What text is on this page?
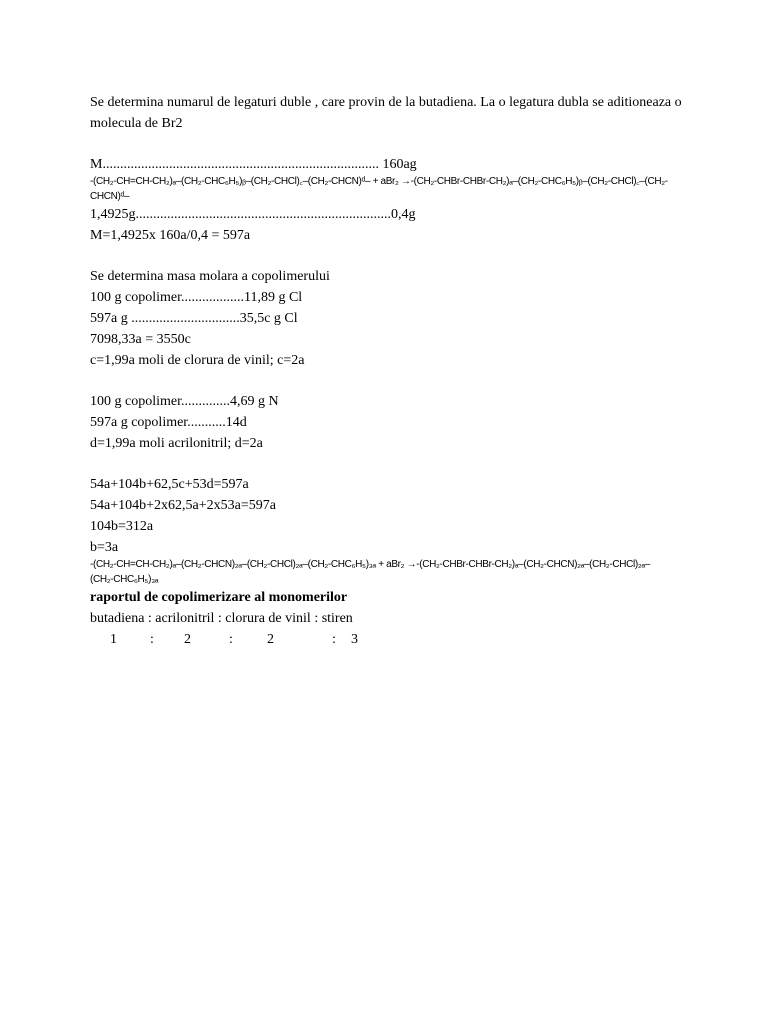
Se determina numarul de legaturi duble , care provin de la butadiena. La o legatura dubla se aditioneaza o molecula de Br2
M............................................................................... 160ag
-(CH₂-CH=CH-CH₂)ₐ–(CH₂-CHC₆H₅)ᵦ–(CH₂-CHCl)꜀–(CH₂-CHCN)ᵈ– + aBr₂ →-(CH₂-CHBr-CHBr-CH₂)ₐ–(CH₂-CHC₆H₅)ᵦ–(CH₂-CHCl)꜀–(CH₂-CHCN)ᵈ–
1,4925g.........................................................................0,4g
M=1,4925x 160a/0,4 = 597a
Se determina masa molara a copolimerului
100 g copolimer..................11,89 g Cl
597a g ...............................35,5c g Cl
7098,33a = 3550c
c=1,99a moli de clorura de vinil; c=2a
100 g copolimer..............4,69 g N
597a g copolimer...........14d
d=1,99a moli acrilonitril; d=2a
54a+104b+62,5c+53d=597a
54a+104b+2x62,5a+2x53a=597a
104b=312a
b=3a
-(CH₂-CH=CH-CH₂)ₐ–(CH₂-CHCN)₂ₐ–(CH₂-CHCl)₂ₐ–(CH₂-CHC₆H₅)₃ₐ + aBr₂ →-(CH₂-CHBr-CHBr-CH₂)ₐ–(CH₂-CHCN)₂ₐ–(CH₂-CHCl)₂ₐ–(CH₂-CHC₆H₅)₃ₐ
raportul de copolimerizare al monomerilor
butadiena : acrilonitril : clorura de vinil : stiren
1 : 2	: 2	: 3
